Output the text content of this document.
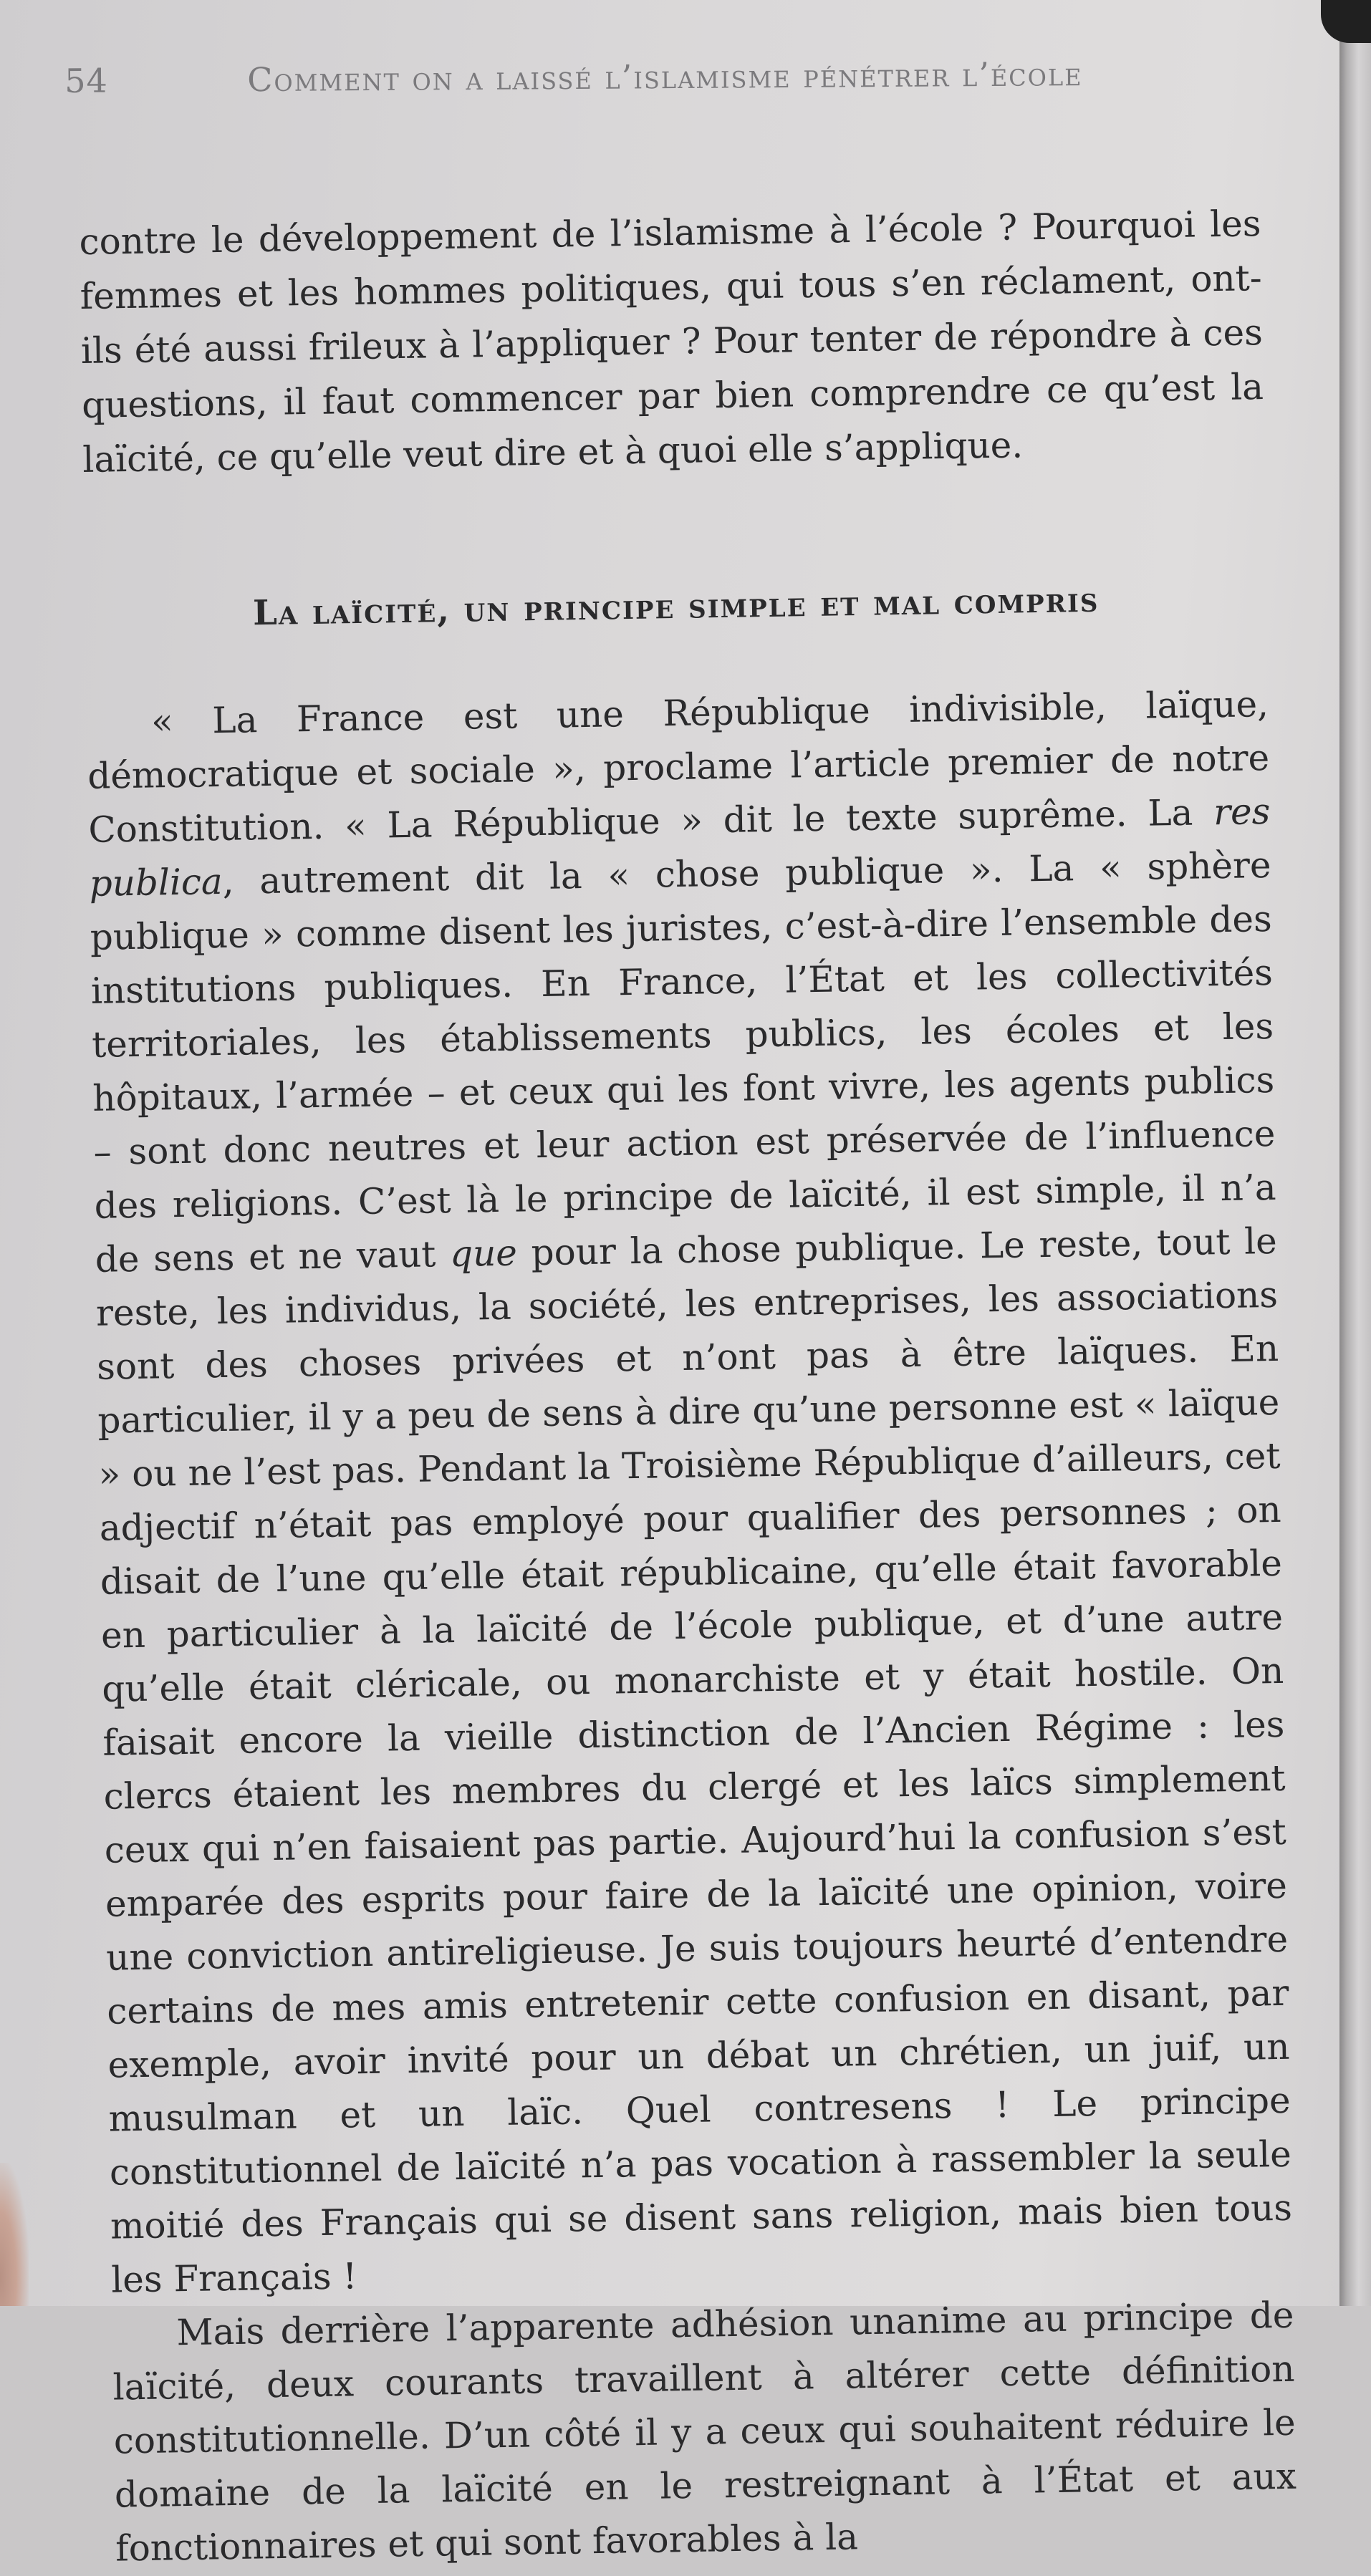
54	Comment on a laissé l’islamisme pénétrer l’école

contre le développement de l’islamisme à l’école ? Pourquoi les femmes et les hommes politiques, qui tous s’en réclament, ont-ils été aussi frileux à l’appliquer ? Pour tenter de répondre à ces questions, il faut commencer par bien comprendre ce qu’est la laïcité, ce qu’elle veut dire et à quoi elle s’applique.

La laïcité, un principe simple et mal compris

« La France est une République indivisible, laïque, démocratique et sociale », proclame l’article premier de notre Constitution. « La République » dit le texte suprême. La res publica, autrement dit la « chose publique ». La « sphère publique » comme disent les juristes, c’est-à-dire l’ensemble des institutions publiques. En France, l’État et les collectivités territoriales, les établissements publics, les écoles et les hôpitaux, l’armée – et ceux qui les font vivre, les agents publics – sont donc neutres et leur action est préservée de l’influence des religions. C’est là le principe de laïcité, il est simple, il n’a de sens et ne vaut que pour la chose publique. Le reste, tout le reste, les individus, la société, les entreprises, les associations sont des choses privées et n’ont pas à être laïques. En particulier, il y a peu de sens à dire qu’une personne est « laïque » ou ne l’est pas. Pendant la Troisième République d’ailleurs, cet adjectif n’était pas employé pour qualifier des personnes ; on disait de l’une qu’elle était républicaine, qu’elle était favorable en particulier à la laïcité de l’école publique, et d’une autre qu’elle était cléricale, ou monarchiste et y était hostile. On faisait encore la vieille distinction de l’Ancien Régime : les clercs étaient les membres du clergé et les laïcs simplement ceux qui n’en faisaient pas partie. Aujourd’hui la confusion s’est emparée des esprits pour faire de la laïcité une opinion, voire une conviction antireligieuse. Je suis toujours heurté d’entendre certains de mes amis entretenir cette confusion en disant, par exemple, avoir invité pour un débat un chrétien, un juif, un musulman et un laïc. Quel contresens ! Le principe constitutionnel de laïcité n’a pas vocation à rassembler la seule moitié des Français qui se disent sans religion, mais bien tous les Français !

Mais derrière l’apparente adhésion unanime au principe de laïcité, deux courants travaillent à altérer cette définition constitutionnelle. D’un côté il y a ceux qui souhaitent réduire le domaine de la laïcité en le restreignant à l’État et aux fonctionnaires et qui sont favorables à la
